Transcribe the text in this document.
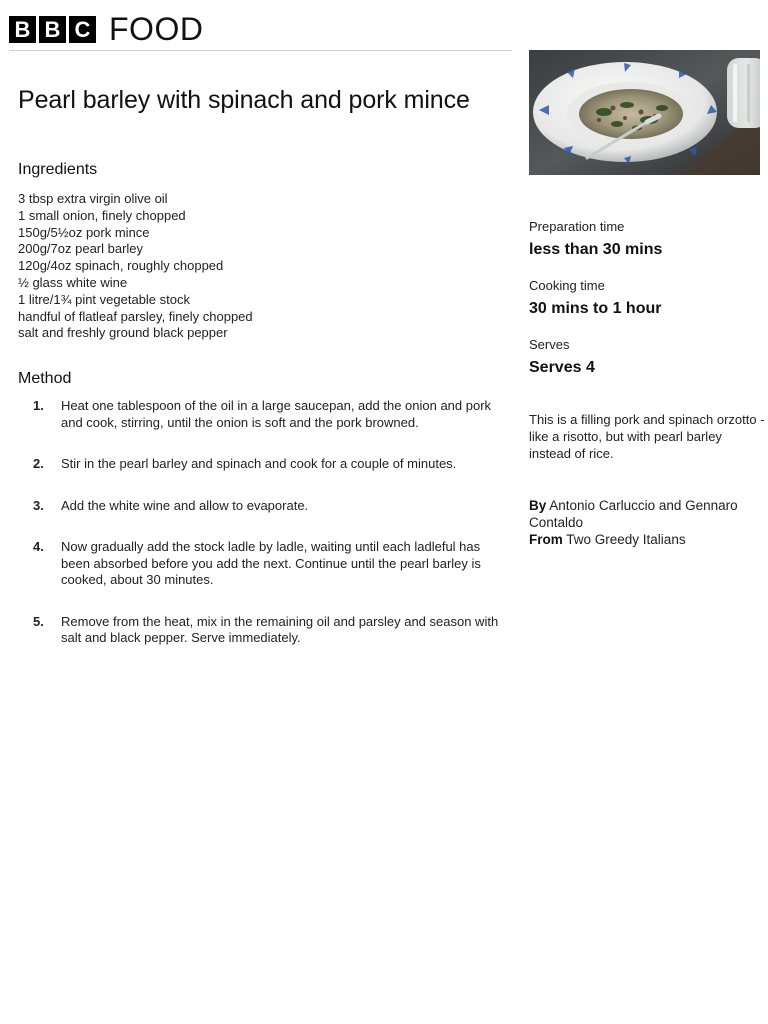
B B C FOOD
Pearl barley with spinach and pork mince
Ingredients
3 tbsp extra virgin olive oil
1 small onion, finely chopped
150g/5½oz pork mince
200g/7oz pearl barley
120g/4oz spinach, roughly chopped
½ glass white wine
1 litre/1¾ pint vegetable stock
handful of flatleaf parsley, finely chopped
salt and freshly ground black pepper
Method
1. Heat one tablespoon of the oil in a large saucepan, add the onion and pork and cook, stirring, until the onion is soft and the pork browned.
2. Stir in the pearl barley and spinach and cook for a couple of minutes.
3. Add the white wine and allow to evaporate.
4. Now gradually add the stock ladle by ladle, waiting until each ladleful has been absorbed before you add the next. Continue until the pearl barley is cooked, about 30 minutes.
5. Remove from the heat, mix in the remaining oil and parsley and season with salt and black pepper. Serve immediately.

Preparation time

less than 30 mins

Cooking time

30 mins to 1 hour

Serves

Serves 4

This is a filling pork and spinach orzotto - like a risotto, but with pearl barley instead of rice.

By Antonio Carluccio and Gennaro Contaldo
From Two Greedy Italians
